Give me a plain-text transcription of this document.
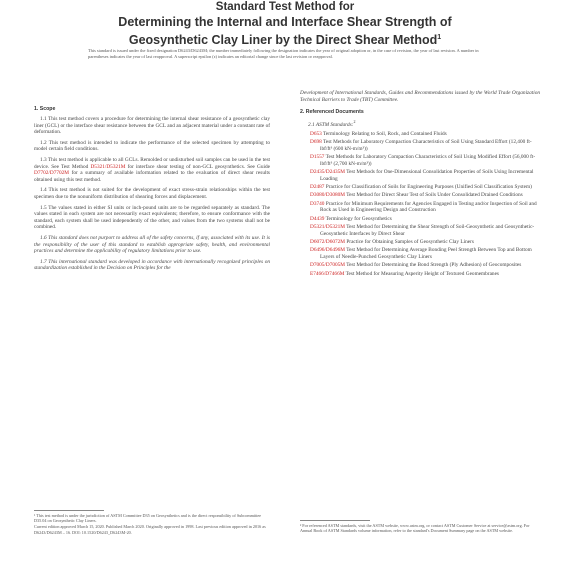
Standard Test Method for
Determining the Internal and Interface Shear Strength of
Geosynthetic Clay Liner by the Direct Shear Method$^1$
This standard is issued under the fixed designation D6243/D6243M; the number immediately following the designation indicates the year of original adoption or, in the case of revision, the year of last revision. A number in parentheses indicates the year of last reapproval. A superscript epsilon (ε) indicates an editorial change since the last revision or reapproval.
1. Scope

1.1 This test method covers a procedure for determining the internal shear resistance of a geosynthetic clay liner (GCL) or the interface shear resistance between the GCL and an adjacent material under a constant rate of deformation.

1.2 This test method is intended to indicate the performance of the selected specimen by attempting to model certain field conditions.

1.3 This test method is applicable to all GCLs. Remolded or undisturbed soil samples can be used in the test device. See Test Method D5321/D5321M for interface shear testing of non-GCL geosynthetics. See Guide D7702/D7702M for a summary of available information related to the evaluation of direct shear results obtained using this test method.

1.4 This test method is not suited for the development of exact stress-strain relationships within the test specimen due to the nonuniform distribution of shearing forces and displacement.

1.5 The values stated in either SI units or inch-pound units are to be regarded separately as standard. The values stated in each system are not necessarily exact equivalents; therefore, to ensure conformance with the standard, each system shall be used independently of the other, and values from the two systems shall not be combined.

1.6 This standard does not purport to address all of the safety concerns, if any, associated with its use. It is the responsibility of the user of this standard to establish appropriate safety, health, and environmental practices and determine the applicability of regulatory limitations prior to use.

1.7 This international standard was developed in accordance with internationally recognized principles on standardization established in the Decision on Principles for the

Development of International Standards, Guides and Recommendations issued by the World Trade Organization Technical Barriers to Trade (TBT) Committee.

2. Referenced Documents
2.1 ASTM Standards:$^2$
D653 Terminology Relating to Soil, Rock, and Contained Fluids
D698 Test Methods for Laboratory Compaction Characteristics of Soil Using Standard Effort (12,400 ft-lbf/ft³ (600 kN-m/m³))
D1557 Test Methods for Laboratory Compaction Characteristics of Soil Using Modified Effort (56,000 ft-lbf/ft³ (2,700 kN-m/m³))
D2435/D2435M Test Methods for One-Dimensional Consolidation Properties of Soils Using Incremental Loading
D2487 Practice for Classification of Soils for Engineering Purposes (Unified Soil Classification System)
D3080/D3080M Test Method for Direct Shear Test of Soils Under Consolidated Drained Conditions
D3740 Practice for Minimum Requirements for Agencies Engaged in Testing and/or Inspection of Soil and Rock as Used in Engineering Design and Construction
D4439 Terminology for Geosynthetics
D5321/D5321M Test Method for Determining the Shear Strength of Soil-Geosynthetic and Geosynthetic-Geosynthetic Interfaces by Direct Shear
D6072/D6072M Practice for Obtaining Samples of Geosynthetic Clay Liners
D6496/D6496M Test Method for Determining Average Bonding Peel Strength Between Top and Bottom Layers of Needle-Punched Geosynthetic Clay Liners
D7005/D7005M Test Method for Determining the Bond Strength (Ply Adhesion) of Geocomposites
E7466/D7466M Test Method for Measuring Asperity Height of Textured Geomembranes
¹ This test method is under the jurisdiction of ASTM Committee D35 on Geosynthetics and is the direct responsibility of Subcommittee D35.04 on Geosynthetic Clay Liners.
Current edition approved March 15, 2020. Published March 2020. Originally approved in 1998. Last previous edition approved in 2016 as D6243/D6243M – 16. DOI: 10.1520/D6243_D6243M-20.
² For referenced ASTM standards, visit the ASTM website, www.astm.org, or contact ASTM Customer Service at service@astm.org. For Annual Book of ASTM Standards volume information, refer to the standard's Document Summary page on the ASTM website.
